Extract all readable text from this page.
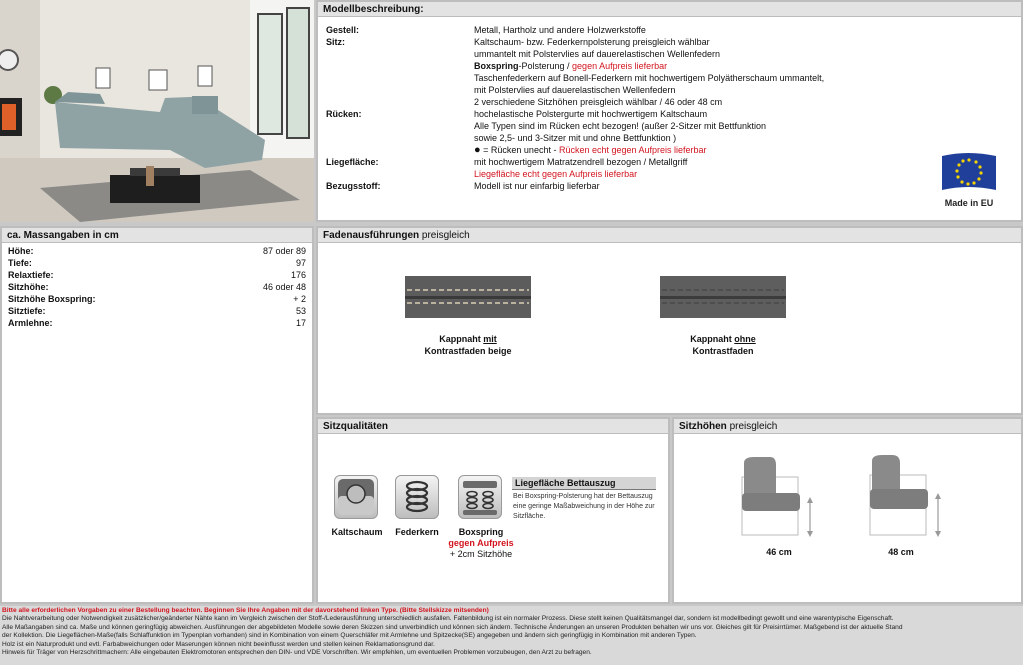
Modellbeschreibung:
Gestell:	Metall, Hartholz und andere Holzwerkstoffe
Sitz:	Kaltschaum- bzw. Federkernpolsterung preisgleich wählbar
ummantelt mit Polstervlies auf dauerelastischen Wellenfedern
Boxspring-Polsterung / gegen Aufpreis lieferbar
Taschenfederkern auf Bonell-Federkern mit hochwertigem Polyätherschaum ummantelt,
mit Polstervlies auf dauerelastischen Wellenfedern
2 verschiedene Sitzhöhen preisgleich wählbar / 46 oder 48 cm
Rücken:	hochelastische Polstergurte mit hochwertigem Kaltschaum
Alle Typen sind im Rücken echt bezogen! (außer 2-Sitzer mit Bettfunktion
sowie 2,5- und 3-Sitzer mit und ohne Bettfunktion )
● = Rücken unecht - Rücken echt gegen Aufpreis lieferbar
Liegefläche:	mit hochwertigem Matratzendrell bezogen / Metallgriff
Liegefläche echt gegen Aufpreis lieferbar
Bezugsstoff:	Modell ist nur einfarbig lieferbar
Made in EU
ca. Massangaben in cm
Höhe:	87 oder 89
Tiefe:	97
Relaxtiefe:	176
Sitzhöhe:	46 oder 48
Sitzhöhe Boxspring:	+ 2
Sitztiefe:	53
Armlehne:	17
Fadenausführungen preisgleich
Kappnaht mit
Kontrastfaden beige
Kappnaht ohne
Kontrastfaden
Sitzqualitäten
Kaltschaum	Federkern	Boxspring
gegen Aufpreis
+ 2cm Sitzhöhe
Liegefläche Bettauszug
Bei Boxspring-Polsterung hat der Bettauszug eine geringe Maßabweichung in der Höhe zur Sitzfläche.
Sitzhöhen preisgleich
46 cm	48 cm
Bitte alle erforderlichen Vorgaben zu einer Bestellung beachten. Beginnen Sie Ihre Angaben mit der davorstehend linken Type. (Bitte Stellskizze mitsenden)
Die Nahtverarbeitung oder Notwendigkeit zusätzlicher/geänderter Nähte kann im Vergleich zwischen der Stoff-/Lederausführung unterschiedlich ausfallen. Faltenbildung ist ein normaler Prozess. Diese stellt keinen Qualitätsmangel dar, sondern ist modellbedingt gewollt und eine warentypische Eigenschaft.
Alle Maßangaben sind ca. Maße und können geringfügig abweichen. Ausführungen der abgebildeten Modelle sowie deren Skizzen sind unverbindlich und können sich ändern. Technische Änderungen an unseren Produkten behalten wir uns vor. Gleiches gilt für Preisirrtümer. Maßgebend ist der aktuelle Stand
der Kollektion. Die Liegeflächen-Maße(falls Schlaffunktion im Typenplan vorhanden) sind in Kombination von einem Querschläfer mit Armlehne und Spitzecke(SE) angegeben und ändern sich geringfügig in Kombination mit anderen Typen.
Holz ist ein Naturprodukt und evtl. Farbabweichungen oder Maserungen können nicht beeinflusst werden und stellen keinen Reklamationsgrund dar.
Hinweis für Träger von Herzschrittmachern: Alle eingebauten Elektromotoren entsprechen den DIN- und VDE Vorschriften. Wir empfehlen, um eventuellen Problemen vorzubeugen, den Arzt zu befragen.
